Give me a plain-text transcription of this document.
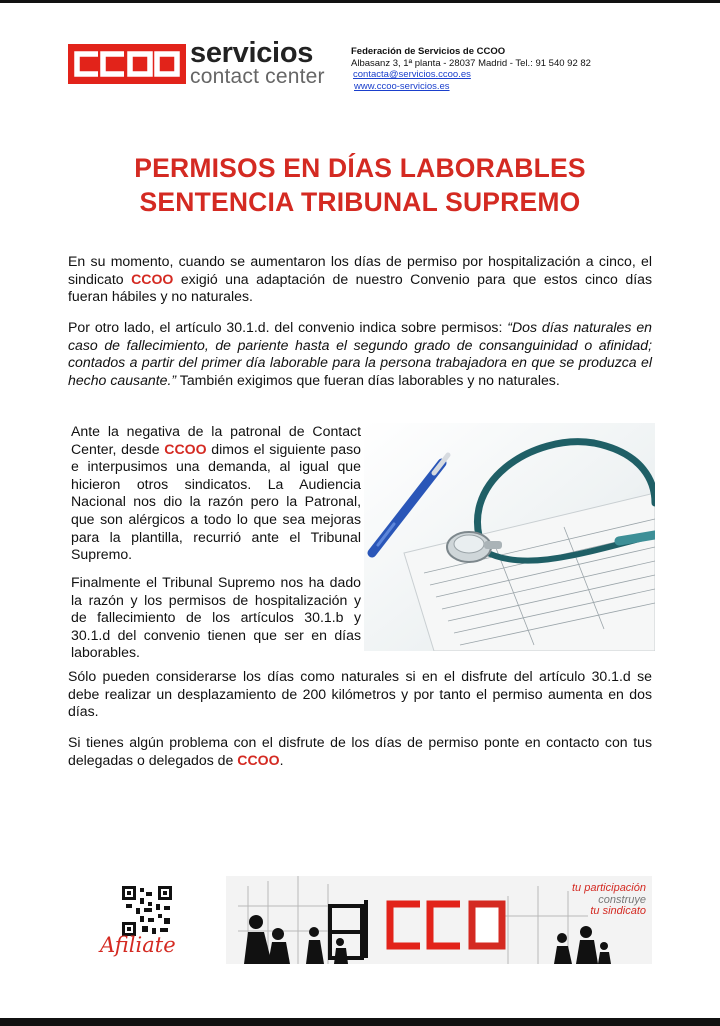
servicios
contact center
Federación de Servicios de CCOO
Albasanz 3, 1ª planta - 28037 Madrid - Tel.: 91 540 92 82
contacta@servicios.ccoo.es
www.ccoo-servicios.es
PERMISOS EN DÍAS LABORABLES
SENTENCIA TRIBUNAL SUPREMO
En su momento, cuando se aumentaron los días de permiso por hospitalización a cinco, el sindicato CCOO exigió una adaptación de nuestro Convenio para que estos cinco días fueran hábiles y no naturales.
Por otro lado, el artículo 30.1.d. del convenio indica sobre permisos: “Dos días naturales en caso de fallecimiento, de pariente hasta el segundo grado de consanguinidad o afinidad; contados a partir del primer día laborable para la persona trabajadora en que se produzca el hecho causante.” También exigimos que fueran días laborables y no naturales.
Ante la negativa de la patronal de Contact Center, desde CCOO dimos el siguiente paso e interpusimos una demanda, al igual que hicieron otros sindicatos. La Audiencia Nacional nos dio la razón pero la Patronal, que son alérgicos a todo lo que sea mejoras para la plantilla, recurrió ante el Tribunal Supremo.
Finalmente el Tribunal Supremo nos ha dado la razón y los permisos de hospitalización y de fallecimiento de los artículos 30.1.b y 30.1.d del convenio tienen que ser en días laborables.
Sólo pueden considerarse los días como naturales si en el disfrute del artículo 30.1.d se debe realizar un desplazamiento de 200 kilómetros y por tanto el permiso aumenta en dos días.
Si tienes algún problema con el disfrute de los días de permiso ponte en contacto con tus delegadas o delegados de CCOO.
Afiliate
tu participación
construye
tu sindicato
